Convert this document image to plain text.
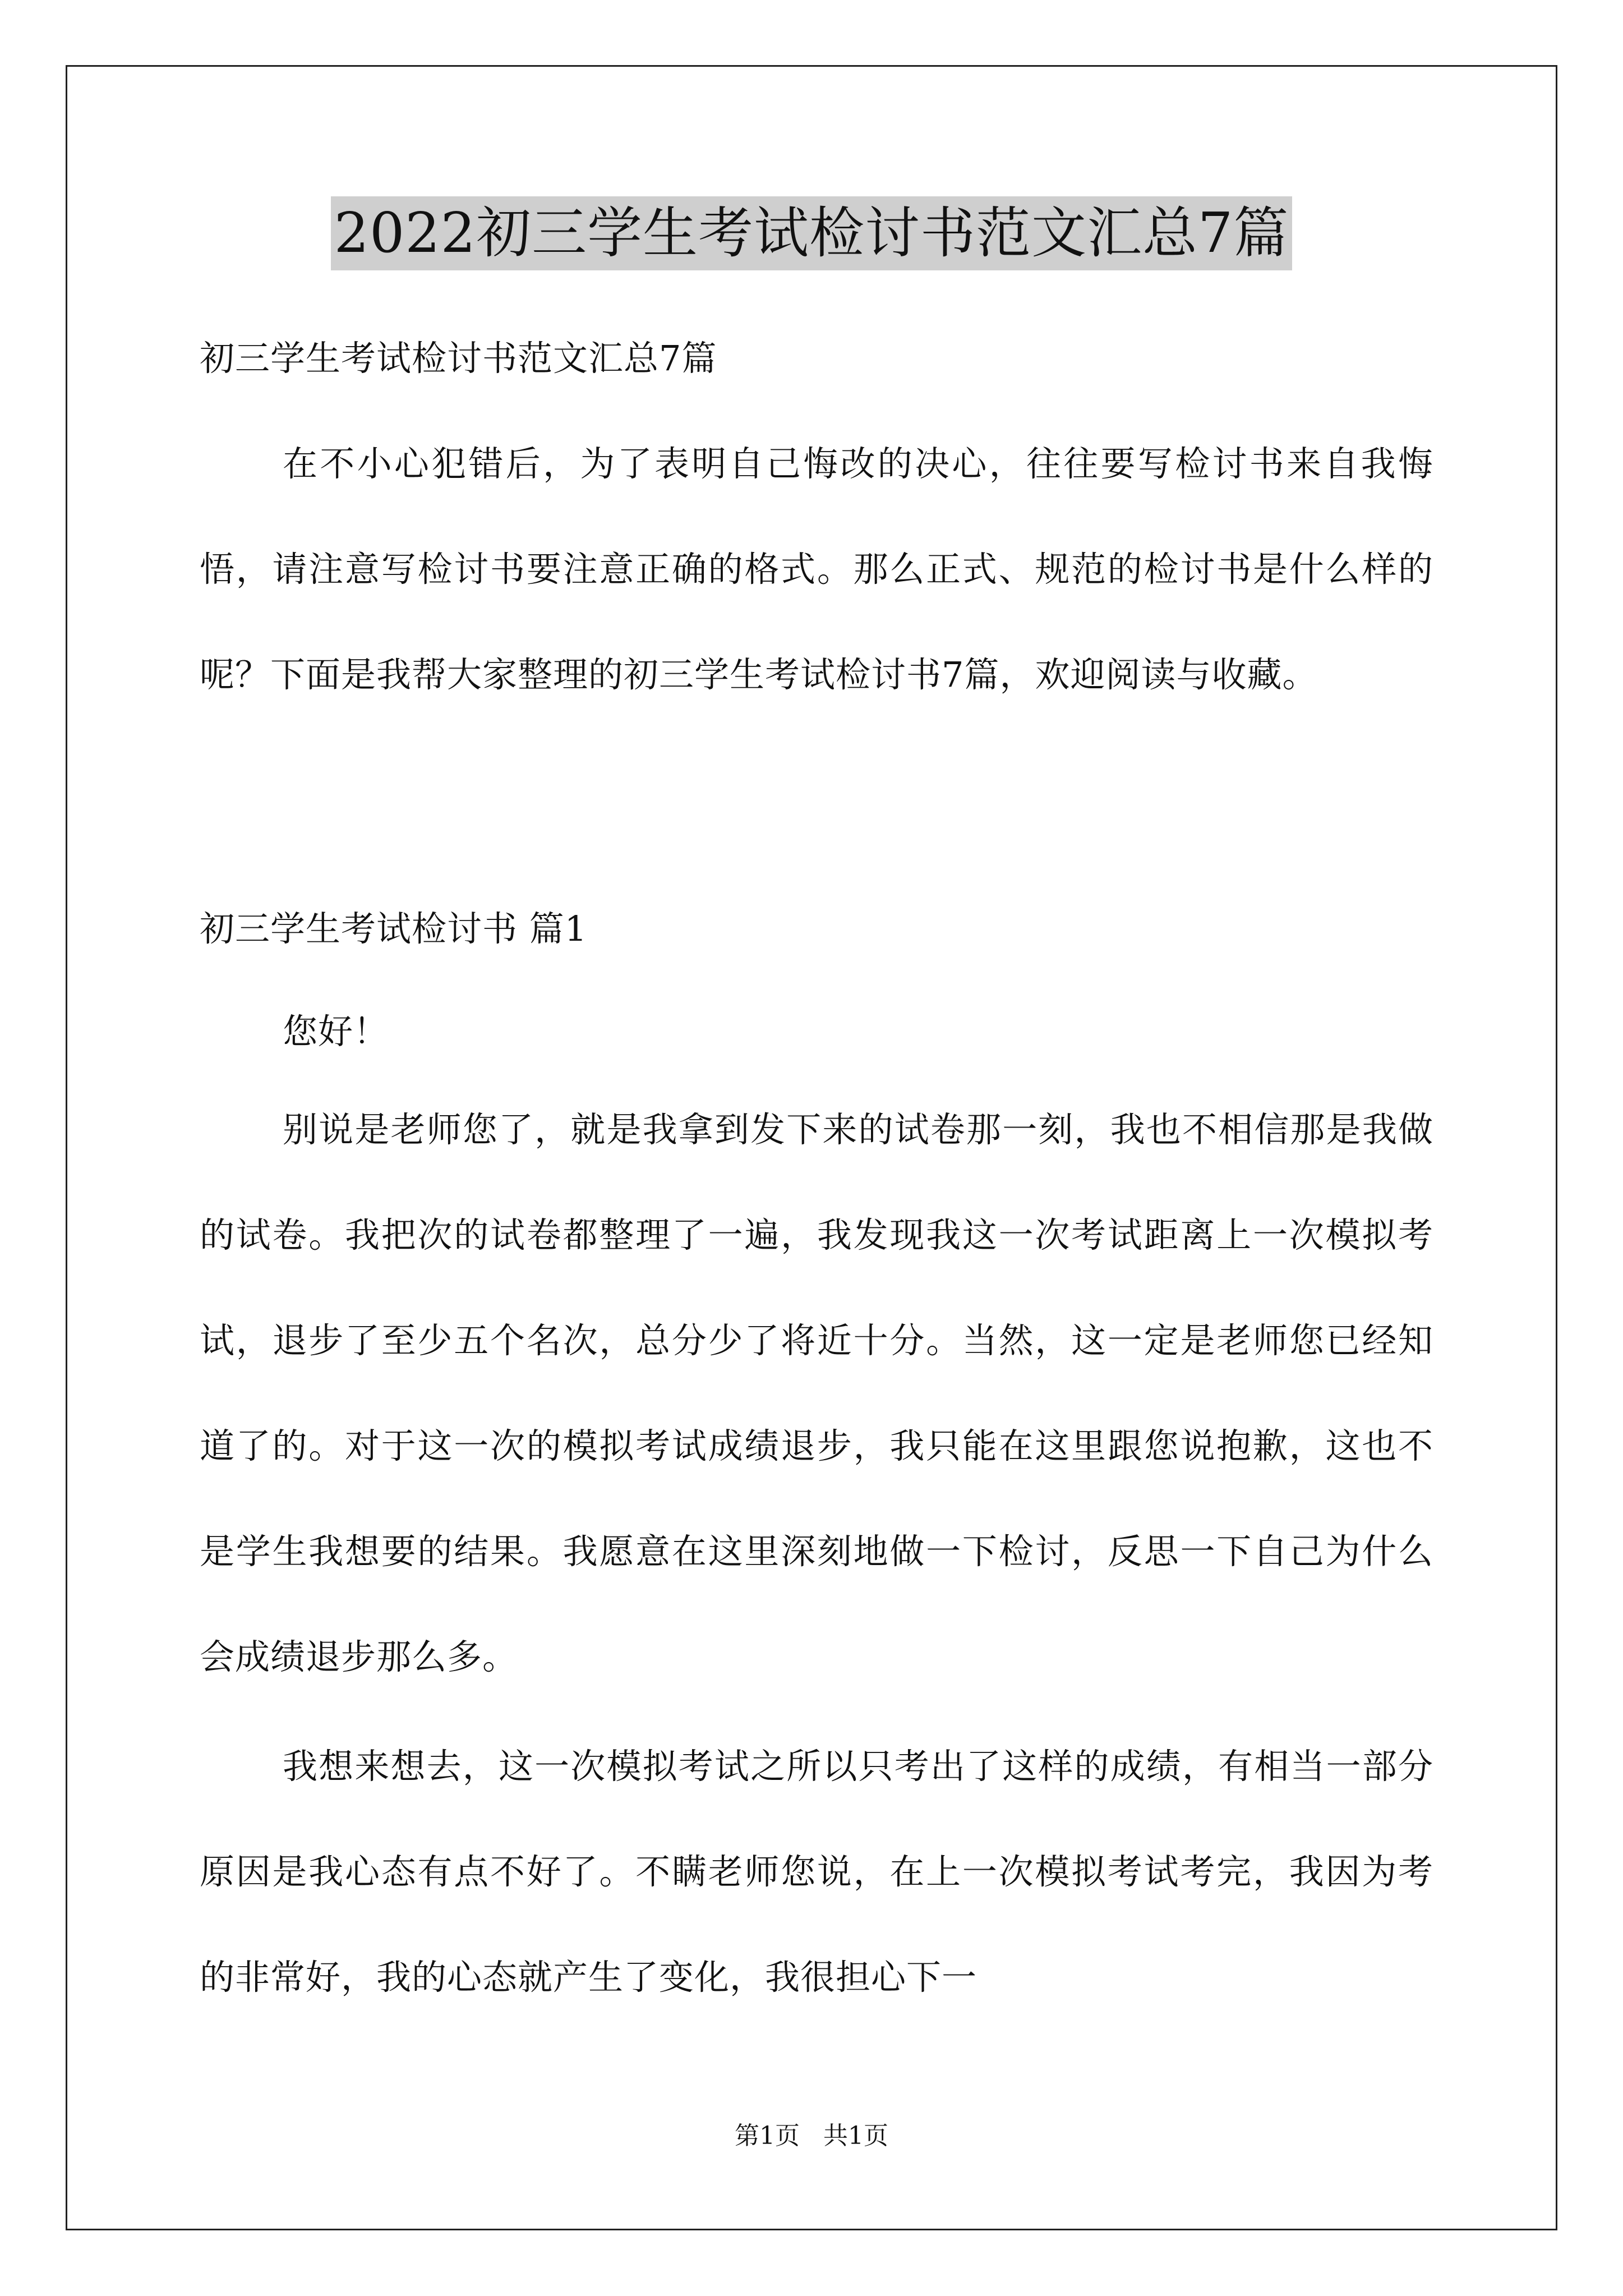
2022初三学生考试检讨书范文汇总7篇

初三学生考试检讨书范文汇总7篇

在不小心犯错后，为了表明自己悔改的决心，往往要写检讨书来自我悔悟，请注意写检讨书要注意正确的格式。那么正式、规范的检讨书是什么样的呢？下面是我帮大家整理的初三学生考试检讨书7篇，欢迎阅读与收藏。

初三学生考试检讨书 篇1

您好！

别说是老师您了，就是我拿到发下来的试卷那一刻，我也不相信那是我做的试卷。我把次的试卷都整理了一遍，我发现我这一次考试距离上一次模拟考试，退步了至少五个名次，总分少了将近十分。当然，这一定是老师您已经知道了的。对于这一次的模拟考试成绩退步，我只能在这里跟您说抱歉，这也不是学生我想要的结果。我愿意在这里深刻地做一下检讨，反思一下自己为什么会成绩退步那么多。

我想来想去，这一次模拟考试之所以只考出了这样的成绩，有相当一部分原因是我心态有点不好了。不瞒老师您说，在上一次模拟考试考完，我因为考的非常好，我的心态就产生了变化，我很担心下一

第1页   共1页
